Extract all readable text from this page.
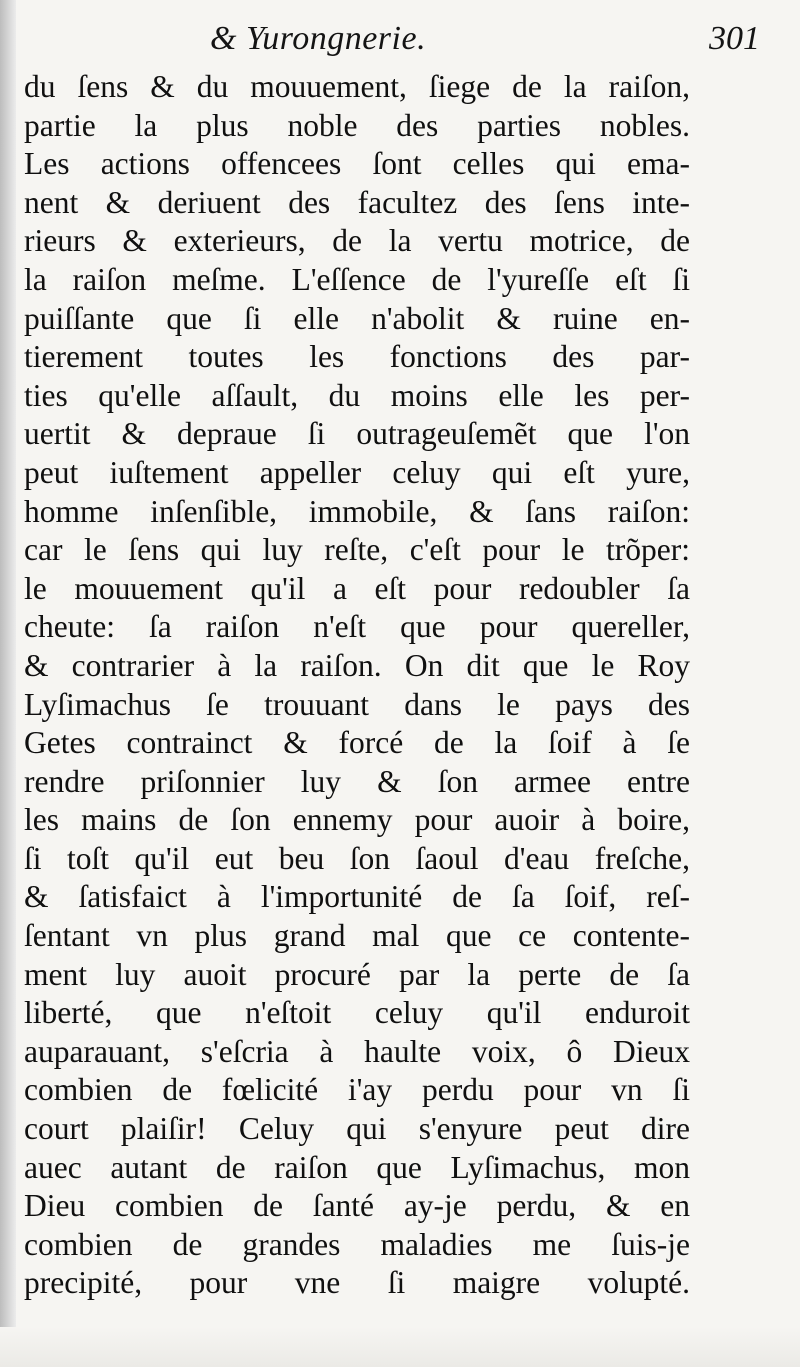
& Yurongnerie.	301
du ſens & du mouuement, ſiege de la raiſon,
partie la plus noble des parties nobles.
Les actions offencees ſont celles qui ema-
nent & deriuent des facultez des ſens inte-
rieurs & exterieurs, de la vertu motrice, de
la raiſon meſme. L'eſſence de l'yureſſe eſt ſi
puiſſante que ſi elle n'abolit & ruine en-
tierement toutes les fonctions des par-
ties qu'elle aſſault, du moins elle les per-
uertit & depraue ſi outrageuſemẽt que l'on
peut iuſtement appeller celuy qui eſt yure,
homme inſenſible, immobile, & ſans raiſon:
car le ſens qui luy reſte, c'eſt pour le trõper:
le mouuement qu'il a eſt pour redoubler ſa
cheute: ſa raiſon n'eſt que pour quereller,
& contrarier à la raiſon. On dit que le Roy
Lyſimachus ſe trouuant dans le pays des
Getes contrainct & forcé de la ſoif à ſe
rendre priſonnier luy & ſon armee entre
les mains de ſon ennemy pour auoir à boire,
ſi toſt qu'il eut beu ſon ſaoul d'eau freſche,
& ſatisfaict à l'importunité de ſa ſoif, reſ-
ſentant vn plus grand mal que ce contente-
ment luy auoit procuré par la perte de ſa
liberté, que n'eſtoit celuy qu'il enduroit
auparauant, s'eſcria à haulte voix, ô Dieux
combien de fœlicité i'ay perdu pour vn ſi
court plaiſir! Celuy qui s'enyure peut dire
auec autant de raiſon que Lyſimachus, mon
Dieu combien de ſanté ay-je perdu, & en
combien de grandes maladies me ſuis-je
precipité, pour vne ſi maigre volupté.
